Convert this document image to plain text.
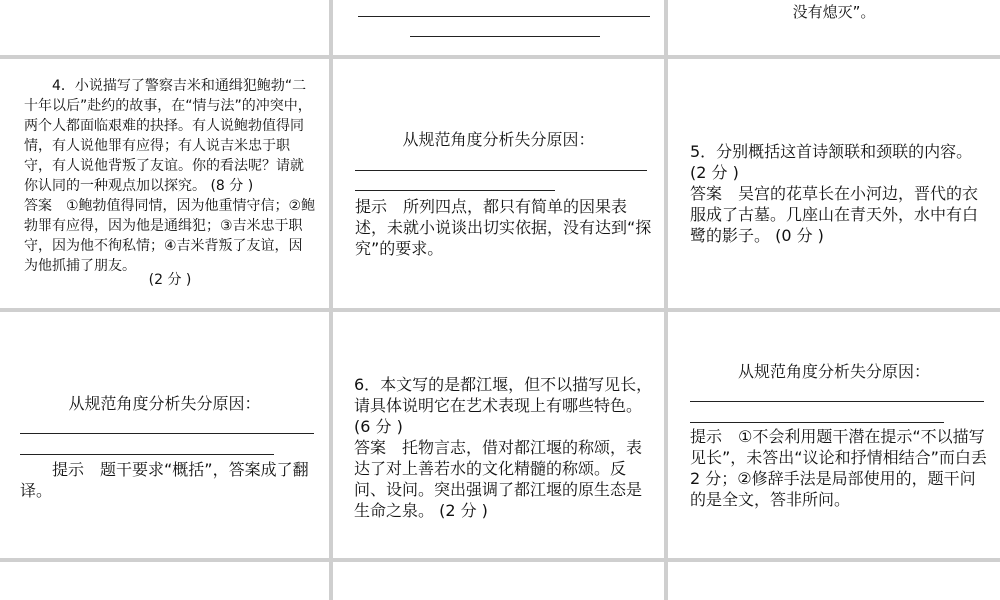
没有熄灭”。

4．小说描写了警察吉米和通缉犯鲍勃“二十年以后”赴约的故事，在“情与法”的冲突中，两个人都面临艰难的抉择。有人说鲍勃值得同情，有人说他罪有应得；有人说吉米忠于职守，有人说他背叛了友谊。你的看法呢？请就你认同的一种观点加以探究。 (8 分 )

答案　①鲍勃值得同情，因为他重情守信；②鲍勃罪有应得，因为他是通缉犯；③吉米忠于职守，因为他不徇私情；④吉米背叛了友谊，因为他抓捕了朋友。

(2 分 )

从规范角度分析失分原因：

提示　所列四点，都只有简单的因果表述，未就小说谈出切实依据，没有达到“探究”的要求。

5．分别概括这首诗颔联和颈联的内容。 (2 分 )

答案　吴宫的花草长在小河边，晋代的衣服成了古墓。几座山在青天外，水中有白鹭的影子。 (0 分 )

从规范角度分析失分原因：

提示　题干要求“概括”，答案成了翻译。

6．本文写的是都江堰，但不以描写见长，请具体说明它在艺术表现上有哪些特色。 (6 分 )

答案　托物言志，借对都江堰的称颂，表达了对上善若水的文化精髓的称颂。反问、设问。突出强调了都江堰的原生态是生命之泉。 (2 分 )

从规范角度分析失分原因：

提示　①不会利用题干潜在提示“不以描写见长”，未答出“议论和抒情相结合”而白丢 2 分；②修辞手法是局部使用的，题干问的是全文，答非所问。
